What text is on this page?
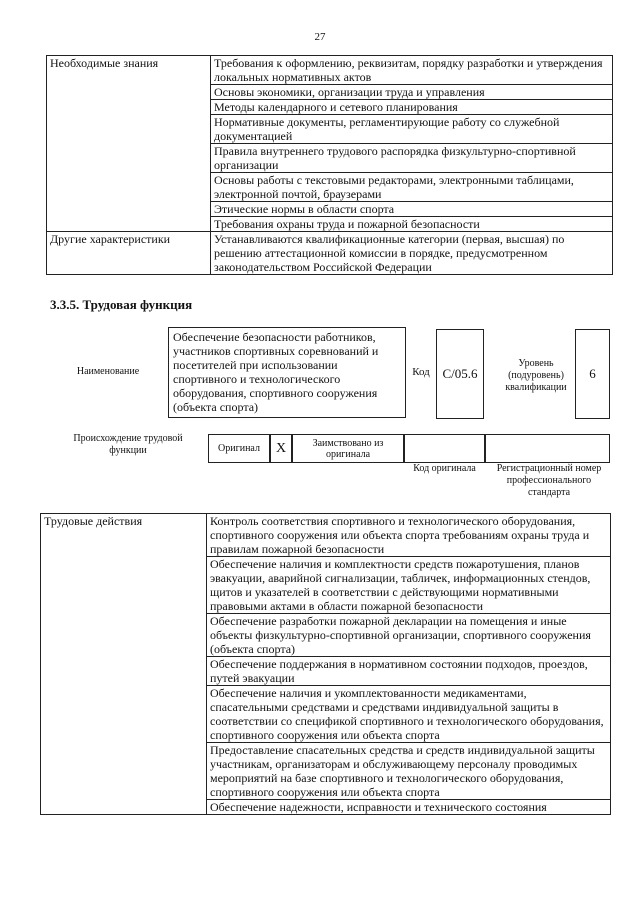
27
Необходимые знания	Требования к оформлению, реквизитам, порядку разработки и утверждения локальных нормативных актов
	Основы экономики, организации труда и управления
	Методы календарного и сетевого планирования
	Нормативные документы, регламентирующие работу со служебной документацией
	Правила внутреннего трудового распорядка физкультурно-спортивной организации
	Основы работы с текстовыми редакторами, электронными таблицами, электронной почтой, браузерами
	Этические нормы в области спорта
	Требования охраны труда и пожарной безопасности
Другие характеристики	Устанавливаются квалификационные категории (первая, высшая) по решению аттестационной комиссии в порядке, предусмотренном законодательством Российской Федерации
3.3.5. Трудовая функция
Наименование
Обеспечение безопасности работников, участников спортивных соревнований и посетителей при использовании спортивного и технологического оборудования, спортивного сооружения (объекта спорта)
Код С/05.6
Уровень (подуровень) квалификации
6
Происхождение трудовой функции	Оригинал	X	Заимствовано из оригинала
Код оригинала	Регистрационный номер профессионального стандарта
Трудовые действия	Контроль соответствия спортивного и технологического оборудования, спортивного сооружения или объекта спорта требованиям охраны труда и правилам пожарной безопасности
Обеспечение наличия и комплектности средств пожаротушения, планов эвакуации, аварийной сигнализации, табличек, информационных стендов, щитов и указателей в соответствии с действующими нормативными правовыми актами в области пожарной безопасности
Обеспечение разработки пожарной декларации на помещения и иные объекты физкультурно-спортивной организации, спортивного сооружения (объекта спорта)
Обеспечение поддержания в нормативном состоянии подходов, проездов, путей эвакуации
Обеспечение наличия и укомплектованности медикаментами, спасательными средствами и средствами индивидуальной защиты в соответствии со спецификой спортивного и технологического оборудования, спортивного сооружения или объекта спорта
Предоставление спасательных средства и средств индивидуальной защиты участникам, организаторам и обслуживающему персоналу проводимых мероприятий на базе спортивного и технологического оборудования, спортивного сооружения или объекта спорта
Обеспечение надежности, исправности и технического состояния
